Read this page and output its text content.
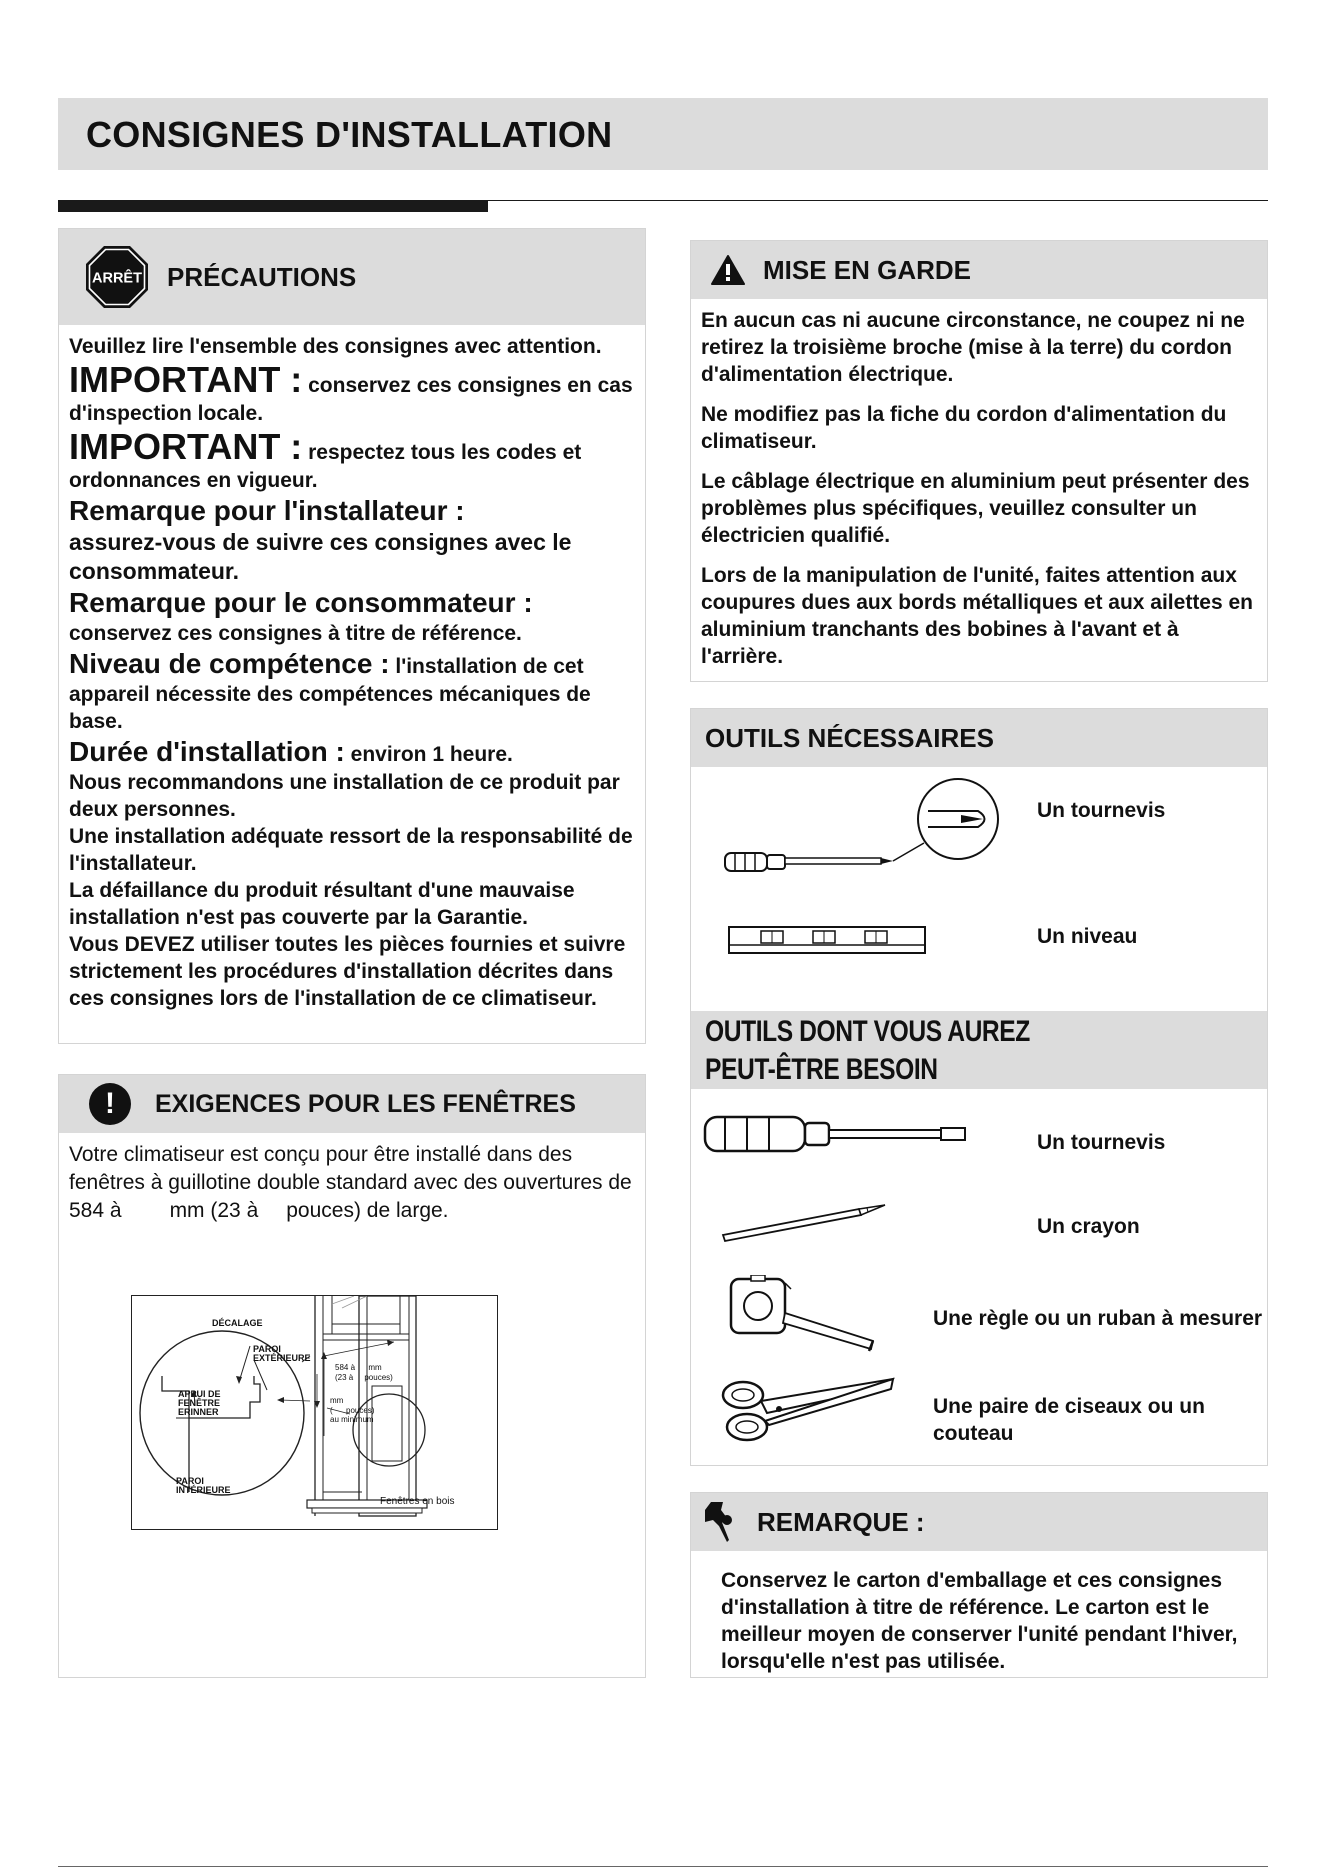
CONSIGNES D'INSTALLATION
ARRÊT PRÉCAUTIONS

Veuillez lire l'ensemble des consignes avec attention.

IMPORTANT : conservez ces consignes en cas d'inspection locale.

IMPORTANT : respectez tous les codes et ordonnances en vigueur.

Remarque pour l'installateur :

assurez-vous de suivre ces consignes avec le consommateur.

Remarque pour le consommateur :

conservez ces consignes à titre de référence.

Niveau de compétence : l'installation de cet appareil nécessite des compétences mécaniques de base.

Durée d'installation : environ 1 heure.

Nous recommandons une installation de ce produit par deux personnes.

Une installation adéquate ressort de la responsabilité de l'installateur.

La défaillance du produit résultant d'une mauvaise installation n'est pas couverte par la Garantie.

Vous DEVEZ utiliser toutes les pièces fournies et suivre strictement les procédures d'installation décrites dans ces consignes lors de l'installation de ce climatiseur.

!	EXIGENCES POUR LES FENÊTRES
Votre climatiseur est conçu pour être installé dans des fenêtres à guillotine double standard avec des ouvertures de 584 à mm (23 à pouces) de large.
DÉCALAGE
PAROI
EXTÉRIEURE
APPUI DE
FENÊTRE
ERINNER
PAROI
INTÉRIEURE
584 à      mm
(23 à     pouces)
mm
(      pouces)
au minimum
Fenêtres en bois
MISE EN GARDE

En aucun cas ni aucune circonstance, ne coupez ni ne retirez la troisième broche (mise à la terre) du cordon d'alimentation électrique.

Ne modifiez pas la fiche du cordon d'alimentation du climatiseur.

Le câblage électrique en aluminium peut présenter des problèmes plus spécifiques, veuillez consulter un électricien qualifié.

Lors de la manipulation de l'unité, faites attention aux coupures dues aux bords métalliques et aux ailettes en aluminium tranchants des bobines à l'avant et à l'arrière.

OUTILS NÉCESSAIRES
Un tournevis
Un niveau
OUTILS DONT VOUS AUREZ
PEUT-ÊTRE BESOIN
Un tournevis
Un crayon
Une règle ou un ruban à mesurer
Une paire de ciseaux ou un couteau
REMARQUE :
Conservez le carton d'emballage et ces consignes d'installation à titre de référence. Le carton est le meilleur moyen de conserver l'unité pendant l'hiver, lorsqu'elle n'est pas utilisée.
